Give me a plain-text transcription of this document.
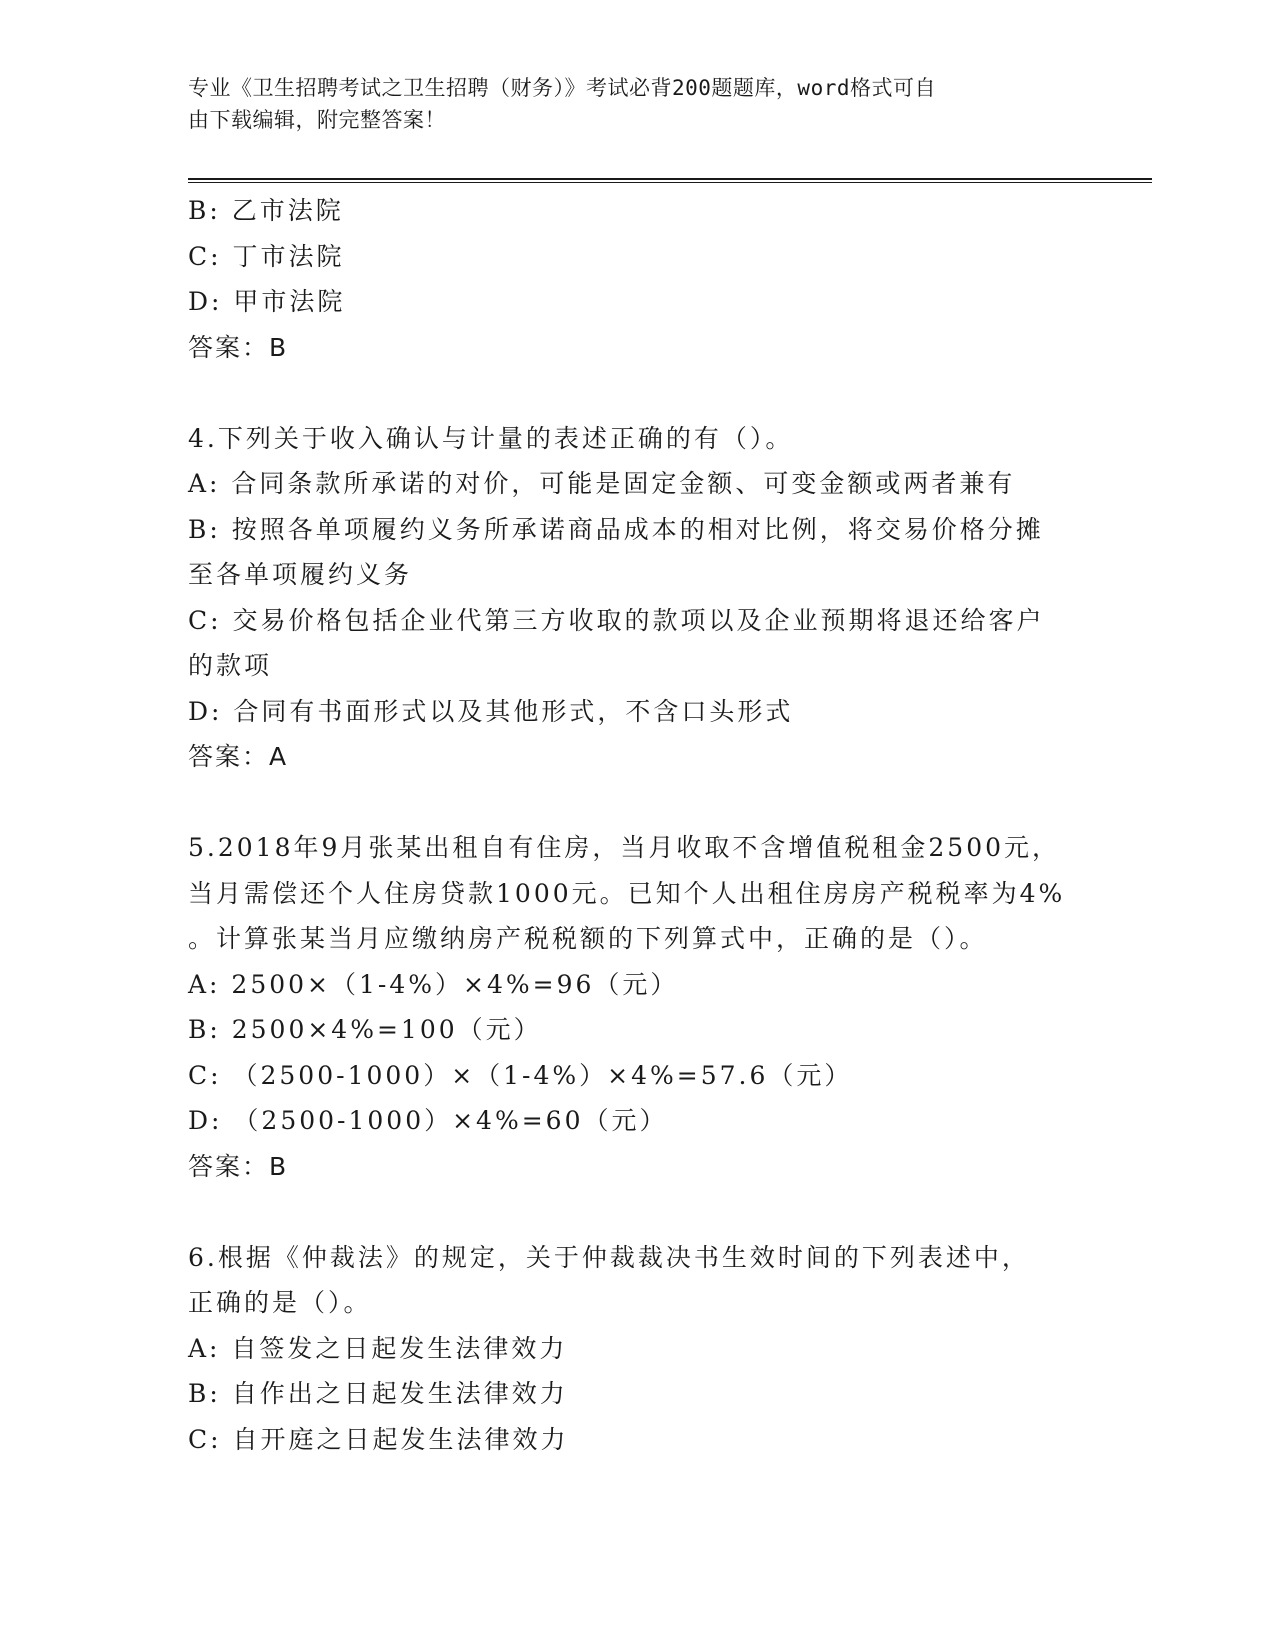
专业《卫生招聘考试之卫生招聘（财务）》考试必背200题题库，word格式可自
由下载编辑，附完整答案！
B: 乙市法院
C: 丁市法院
D: 甲市法院
答案：B
4.下列关于收入确认与计量的表述正确的有（）。
A: 合同条款所承诺的对价，可能是固定金额、可变金额或两者兼有
B: 按照各单项履约义务所承诺商品成本的相对比例，将交易价格分摊
至各单项履约义务
C: 交易价格包括企业代第三方收取的款项以及企业预期将退还给客户
的款项
D: 合同有书面形式以及其他形式，不含口头形式
答案：A
5.2018年9月张某出租自有住房，当月收取不含增值税租金2500元，
当月需偿还个人住房贷款1000元。已知个人出租住房房产税税率为4%
。计算张某当月应缴纳房产税税额的下列算式中，正确的是（）。
A: 2500×（1-4%）×4%=96（元）
B: 2500×4%=100（元）
C: （2500-1000）×（1-4%）×4%=57.6（元）
D: （2500-1000）×4%=60（元）
答案：B
6.根据《仲裁法》的规定，关于仲裁裁决书生效时间的下列表述中，
正确的是（）。
A: 自签发之日起发生法律效力
B: 自作出之日起发生法律效力
C: 自开庭之日起发生法律效力
